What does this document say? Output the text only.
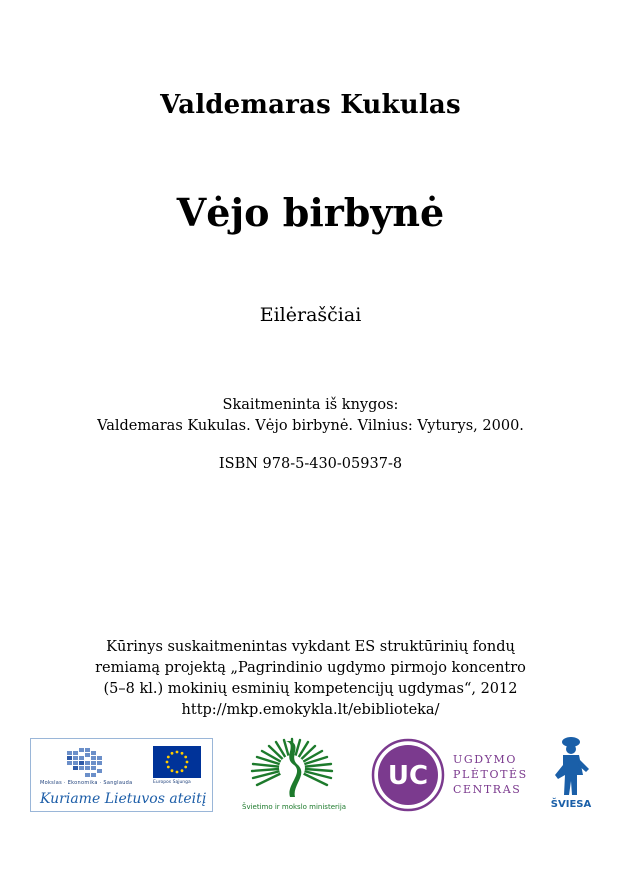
Valdemaras Kukulas
Vėjo birbynė
Eilėraščiai
Skaitmeninta iš knygos:
Valdemaras Kukulas. Vėjo birbynė. Vilnius: Vyturys, 2000.
ISBN 978-5-430-05937-8
Kūrinys suskaitmenintas vykdant ES struktūrinių fondų
remiamą projektą „Pagrindinio ugdymo pirmojo koncentro
(5–8 kl.) mokinių esminių kompetencijų ugdymas“, 2012
http://mkp.emokykla.lt/ebiblioteka/
Mokslas · Ekonomika · Sanglauda	Europos Sąjunga
Kuriame Lietuvos ateitį	Švietimo ir mokslo ministerija
UC
UGDYMO
PLĖTOTĖS
CENTRAS
ŠVIESA
